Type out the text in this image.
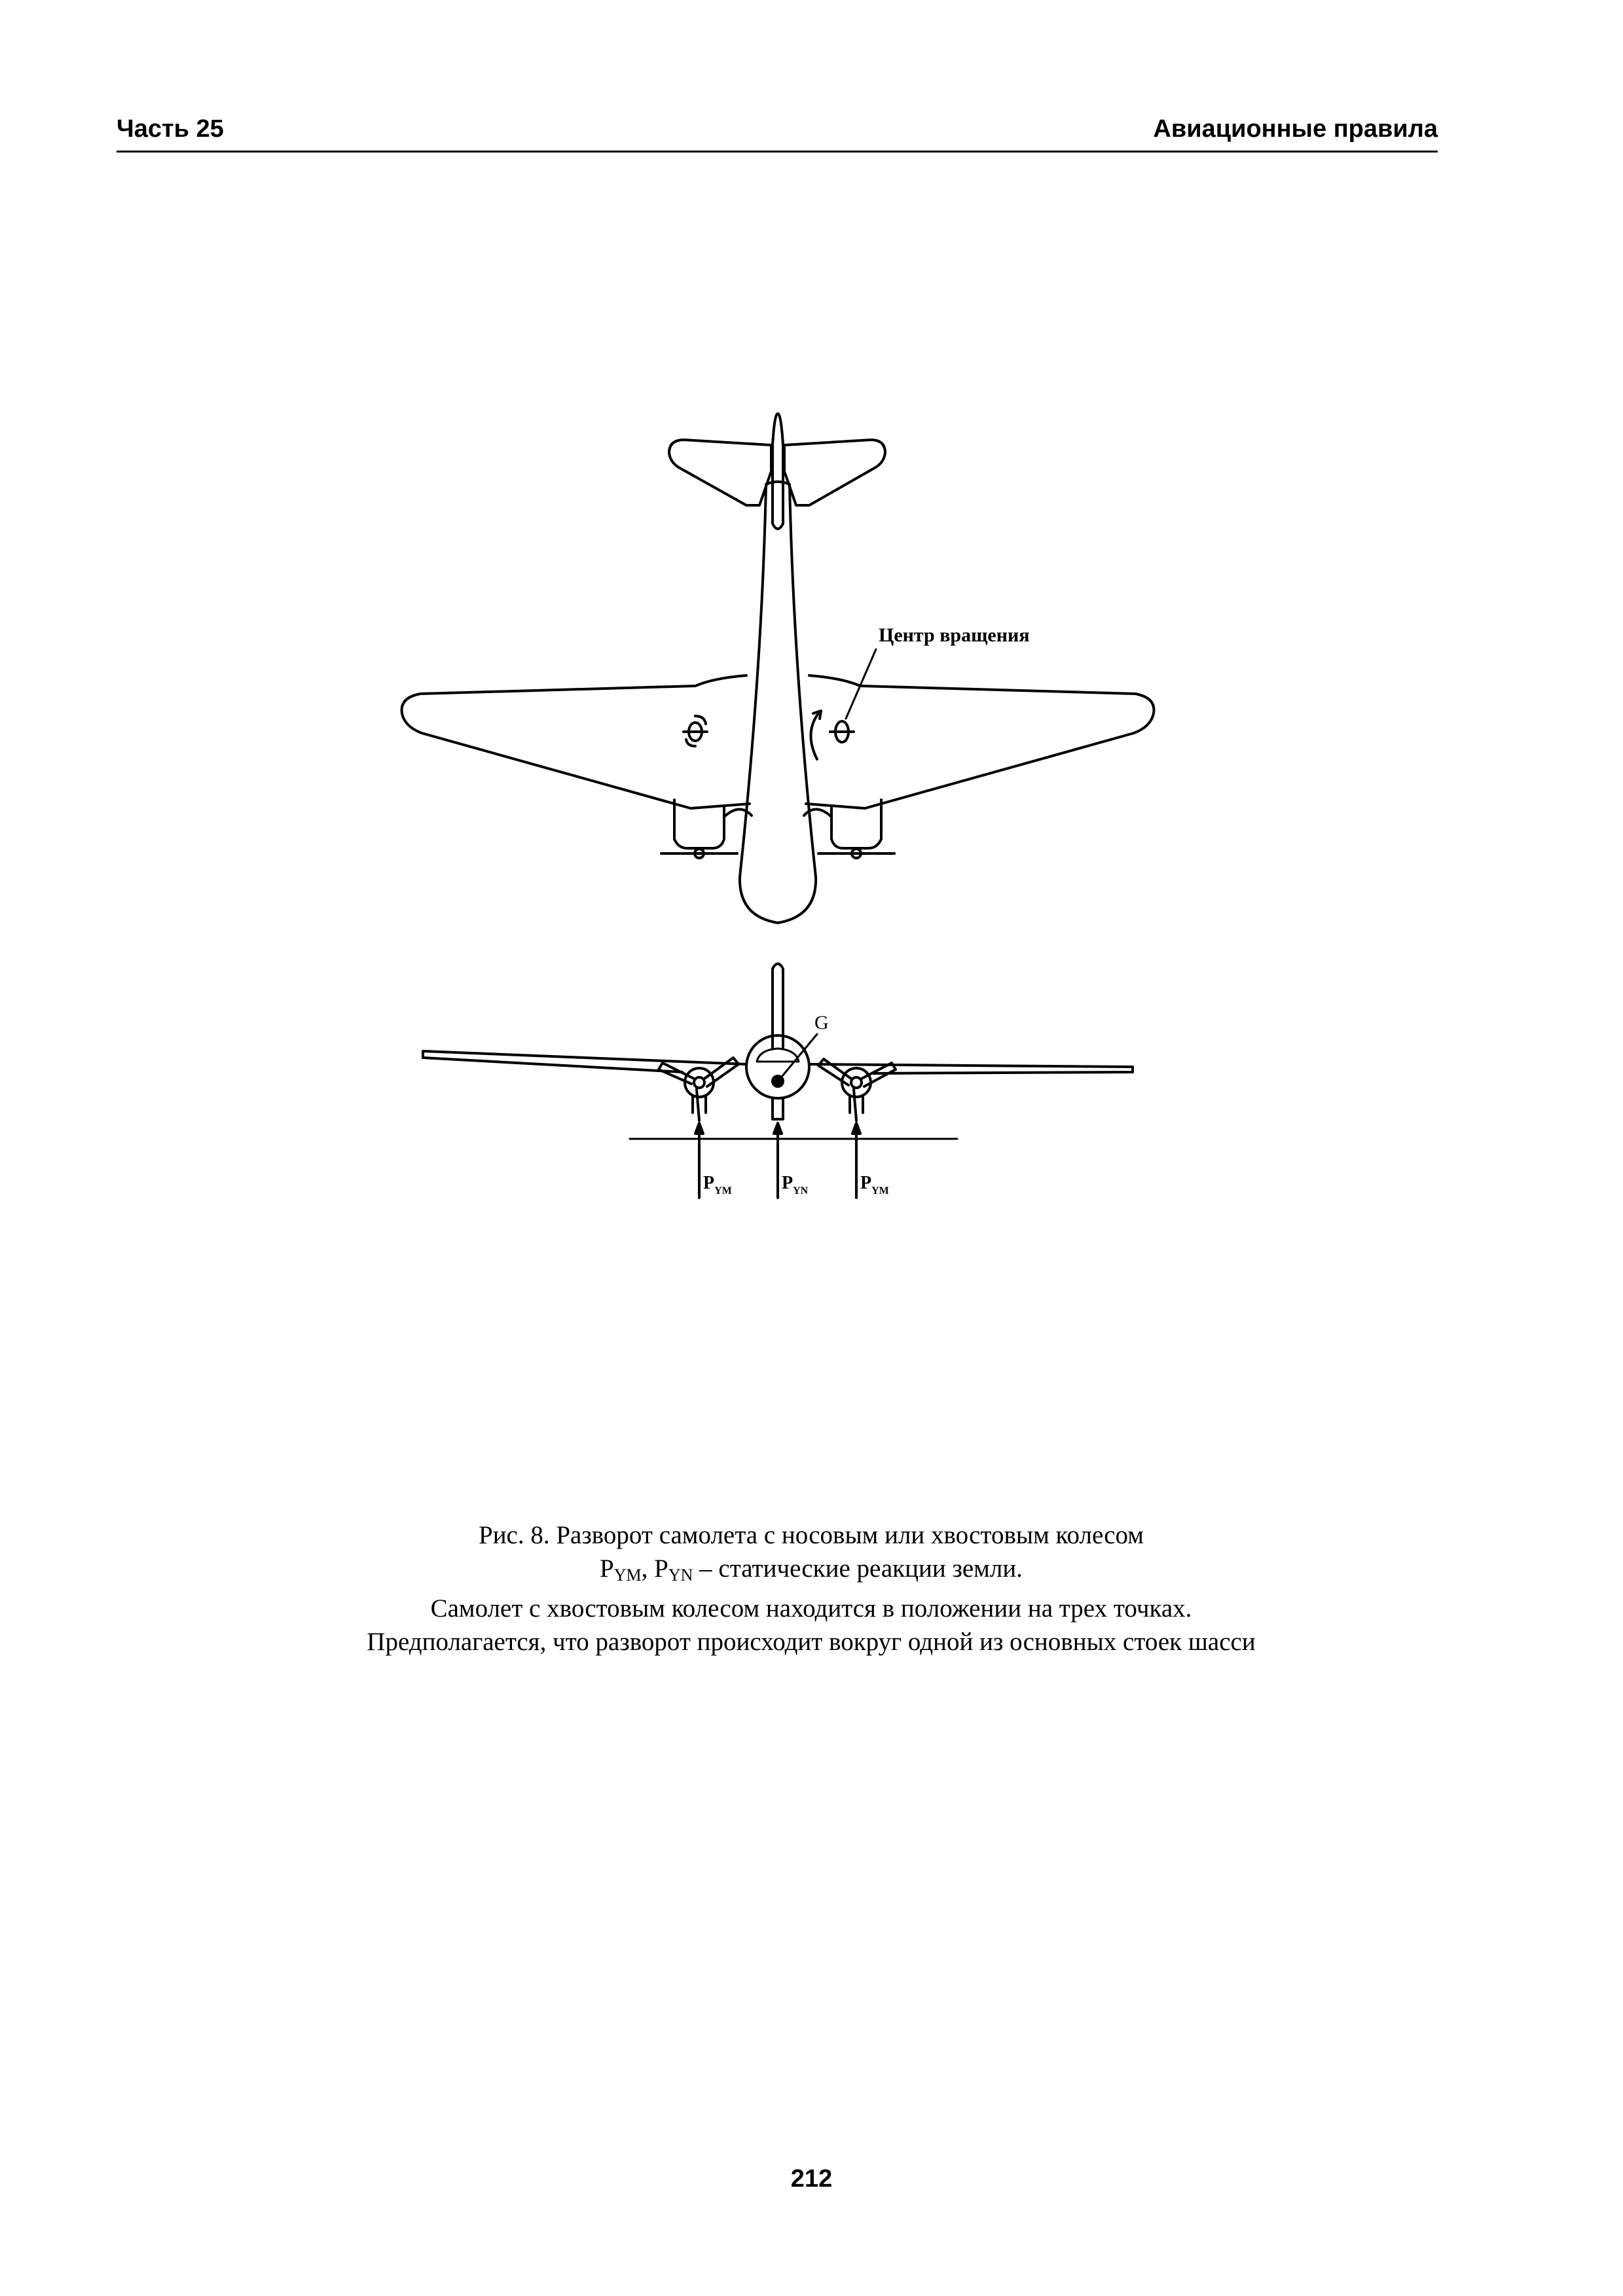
Часть 25	Авиационные правила
Центр вращения
G
$P_{YM}$	$P_{YN}$	$P_{YM}$
Рис. 8. Разворот самолета с носовым или хвостовым колесом
$P_{YM}$, $P_{YN}$ – статические реакции земли.
Самолет с хвостовым колесом находится в положении на трех точках.
Предполагается, что разворот происходит вокруг одной из основных стоек шасси
212
